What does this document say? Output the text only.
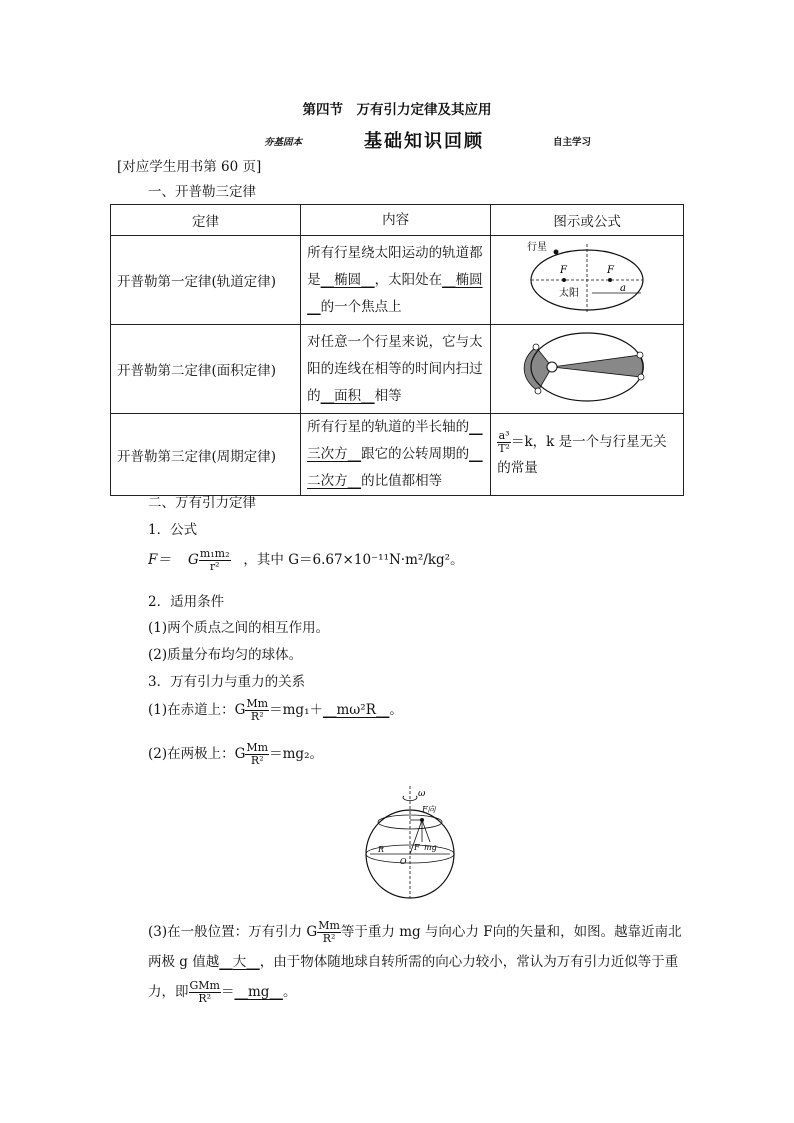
第四节　万有引力定律及其应用
夯基固本	基础知识回顾	自主学习
[对应学生用书第 60 页]
一、开普勒三定律
定律	内容	图示或公式
开普勒第一定律(轨道定律)	所有行星绕太阳运动的轨道都是__椭圆__，太阳处在__椭圆__的一个焦点上	行星
F F
太阳 a

开普勒第二定律(面积定律)	对任意一个行星来说，它与太阳的连线在相等的时间内扫过的__面积__相等	
开普勒第三定律(周期定律)	所有行星的轨道的半长轴的__三次方__跟它的公转周期的__二次方__的比值都相等	$\frac{\text{a³}}{\text{T²}} =k$，k 是一个与行星无关的常量
二、万有引力定律
1．公式
F＝ G $\frac{\text{m₁m₂}}{\text{r²}}$ ，其中 G＝6.67×10⁻¹¹N·m²/kg²。
2．适用条件
(1)两个质点之间的相互作用。
(2)质量分布均匀的球体。
3．万有引力与重力的关系
(1)在赤道上：G $\frac{Mm}{\text{R²}}$ ＝mg₁＋__mω²R__。
(2)在两极上：G $\frac{Mm}{\text{R²}} =mg_2$。
ω
F向
F mg
R
O
(3)在一般位置：万有引力 G $\frac{Mm}{\text{R²}}$ 等于重力 mg 与向心力 F向的矢量和，如图。越靠近南北两极 g 值越__大__，由于物体随地球自转所需的向心力较小，常认为万有引力近似等于重力，即 $\frac{\text{GMm}}{\text{R²}}$ ＝__mg__。
